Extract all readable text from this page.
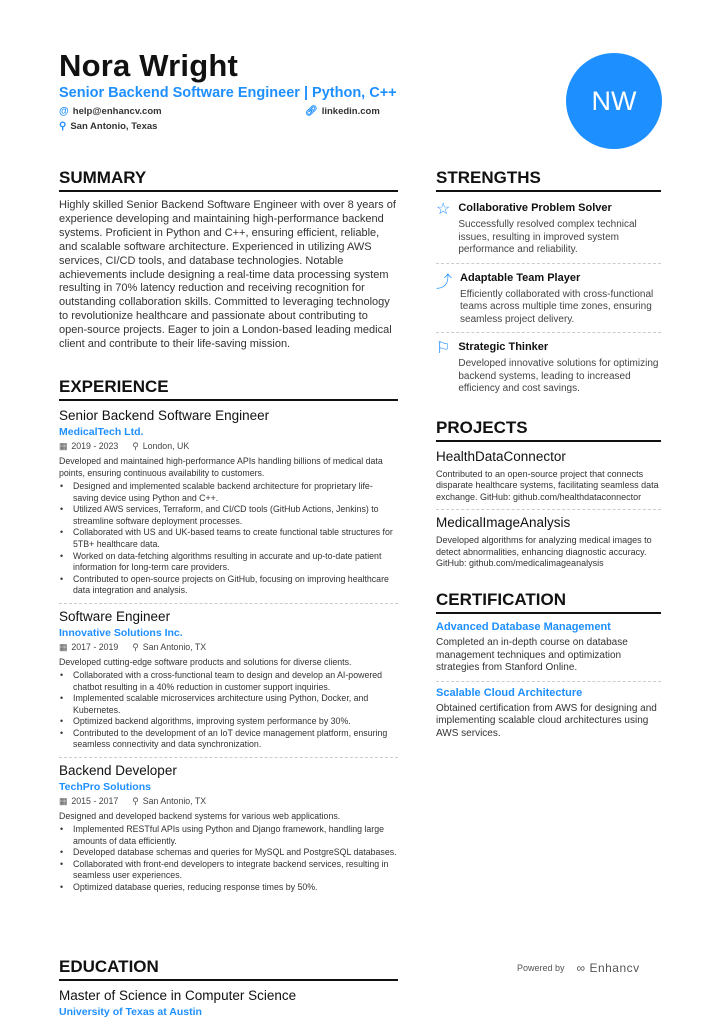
Nora Wright
Senior Backend Software Engineer | Python, C++
@ help@enhancv.com	🔗︎ linkedin.com
⚲ San Antonio, Texas
NW
SUMMARY
Highly skilled Senior Backend Software Engineer with over 8 years of experience developing and maintaining high-performance backend systems. Proficient in Python and C++, ensuring efficient, reliable, and scalable software architecture. Experienced in utilizing AWS services, CI/CD tools, and database technologies. Notable achievements include designing a real-time data processing system resulting in 70% latency reduction and receiving recognition for outstanding collaboration skills. Committed to leveraging technology to revolutionize healthcare and passionate about contributing to open-source projects. Eager to join a London-based leading medical client and contribute to their life-saving mission.
EXPERIENCE
Senior Backend Software Engineer
MedicalTech Ltd.
▦ 2019 - 2023 ⚲ London, UK
Developed and maintained high-performance APIs handling billions of medical data points, ensuring continuous availability to customers.
• Designed and implemented scalable backend architecture for proprietary life-saving device using Python and C++.
• Utilized AWS services, Terraform, and CI/CD tools (GitHub Actions, Jenkins) to streamline software deployment processes.
• Collaborated with US and UK-based teams to create functional table structures for 5TB+ healthcare data.
• Worked on data-fetching algorithms resulting in accurate and up-to-date patient information for long-term care providers.
• Contributed to open-source projects on GitHub, focusing on improving healthcare data integration and analysis.
Software Engineer
Innovative Solutions Inc.
▦ 2017 - 2019 ⚲ San Antonio, TX
Developed cutting-edge software products and solutions for diverse clients.
• Collaborated with a cross-functional team to design and develop an AI-powered chatbot resulting in a 40% reduction in customer support inquiries.
• Implemented scalable microservices architecture using Python, Docker, and Kubernetes.
• Optimized backend algorithms, improving system performance by 30%.
• Contributed to the development of an IoT device management platform, ensuring seamless connectivity and data synchronization.
Backend Developer
TechPro Solutions
▦ 2015 - 2017 ⚲ San Antonio, TX
Designed and developed backend systems for various web applications.
• Implemented RESTful APIs using Python and Django framework, handling large amounts of data efficiently.
• Developed database schemas and queries for MySQL and PostgreSQL databases.
• Collaborated with front-end developers to integrate backend services, resulting in seamless user experiences.
• Optimized database queries, reducing response times by 50%.
EDUCATION
Master of Science in Computer Science
University of Texas at Austin
STRENGTHS
☆ Collaborative Problem Solver
Successfully resolved complex technical issues, resulting in improved system performance and reliability.
⤴ Adaptable Team Player
Efficiently collaborated with cross-functional teams across multiple time zones, ensuring seamless project delivery.
⚐ Strategic Thinker
Developed innovative solutions for optimizing backend systems, leading to increased efficiency and cost savings.
PROJECTS
HealthDataConnector
Contributed to an open-source project that connects disparate healthcare systems, facilitating seamless data exchange. GitHub: github.com/healthdataconnector
MedicalImageAnalysis
Developed algorithms for analyzing medical images to detect abnormalities, enhancing diagnostic accuracy. GitHub: github.com/medicalimageanalysis
CERTIFICATION
Advanced Database Management
Completed an in-depth course on database management techniques and optimization strategies from Stanford Online.
Scalable Cloud Architecture
Obtained certification from AWS for designing and implementing scalable cloud architectures using AWS services.
Powered by ∞ Enhancv
